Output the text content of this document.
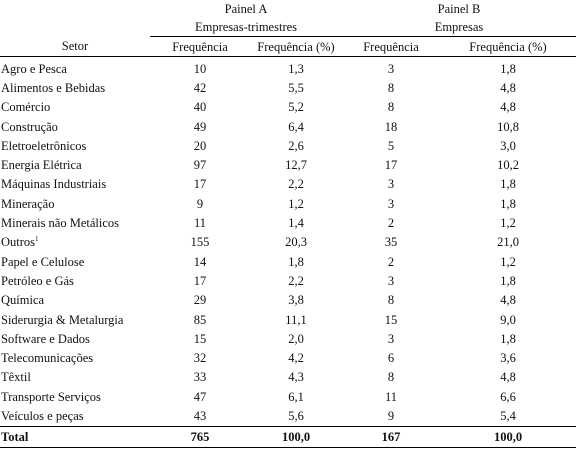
	Painel A		Painel B	
	Empresas-trimestres		Empresas	
Setor	Frequência	Frequência (%)	Frequência	Frequência (%)
Agro e Pesca	10	1,3	3	1,8
Alimentos e Bebidas	42	5,5	8	4,8
Comércio	40	5,2	8	4,8
Construção	49	6,4	18	10,8
Eletroeletrônicos	20	2,6	5	3,0
Energia Elétrica	97	12,7	17	10,2
Máquinas Industriais	17	2,2	3	1,8
Mineração	9	1,2	3	1,8
Minerais não Metálicos	11	1,4	2	1,2
Outros$^1$	155	20,3	35	21,0
Papel e Celulose	14	1,8	2	1,2
Petróleo e Gás	17	2,2	3	1,8
Química	29	3,8	8	4,8
Siderurgia & Metalurgia	85	11,1	15	9,0
Software e Dados	15	2,0	3	1,8
Telecomunicações	32	4,2	6	3,6
Têxtil	33	4,3	8	4,8
Transporte Serviços	47	6,1	11	6,6
Veículos e peças	43	5,6	9	5,4
Total	765	100,0	167	100,0
